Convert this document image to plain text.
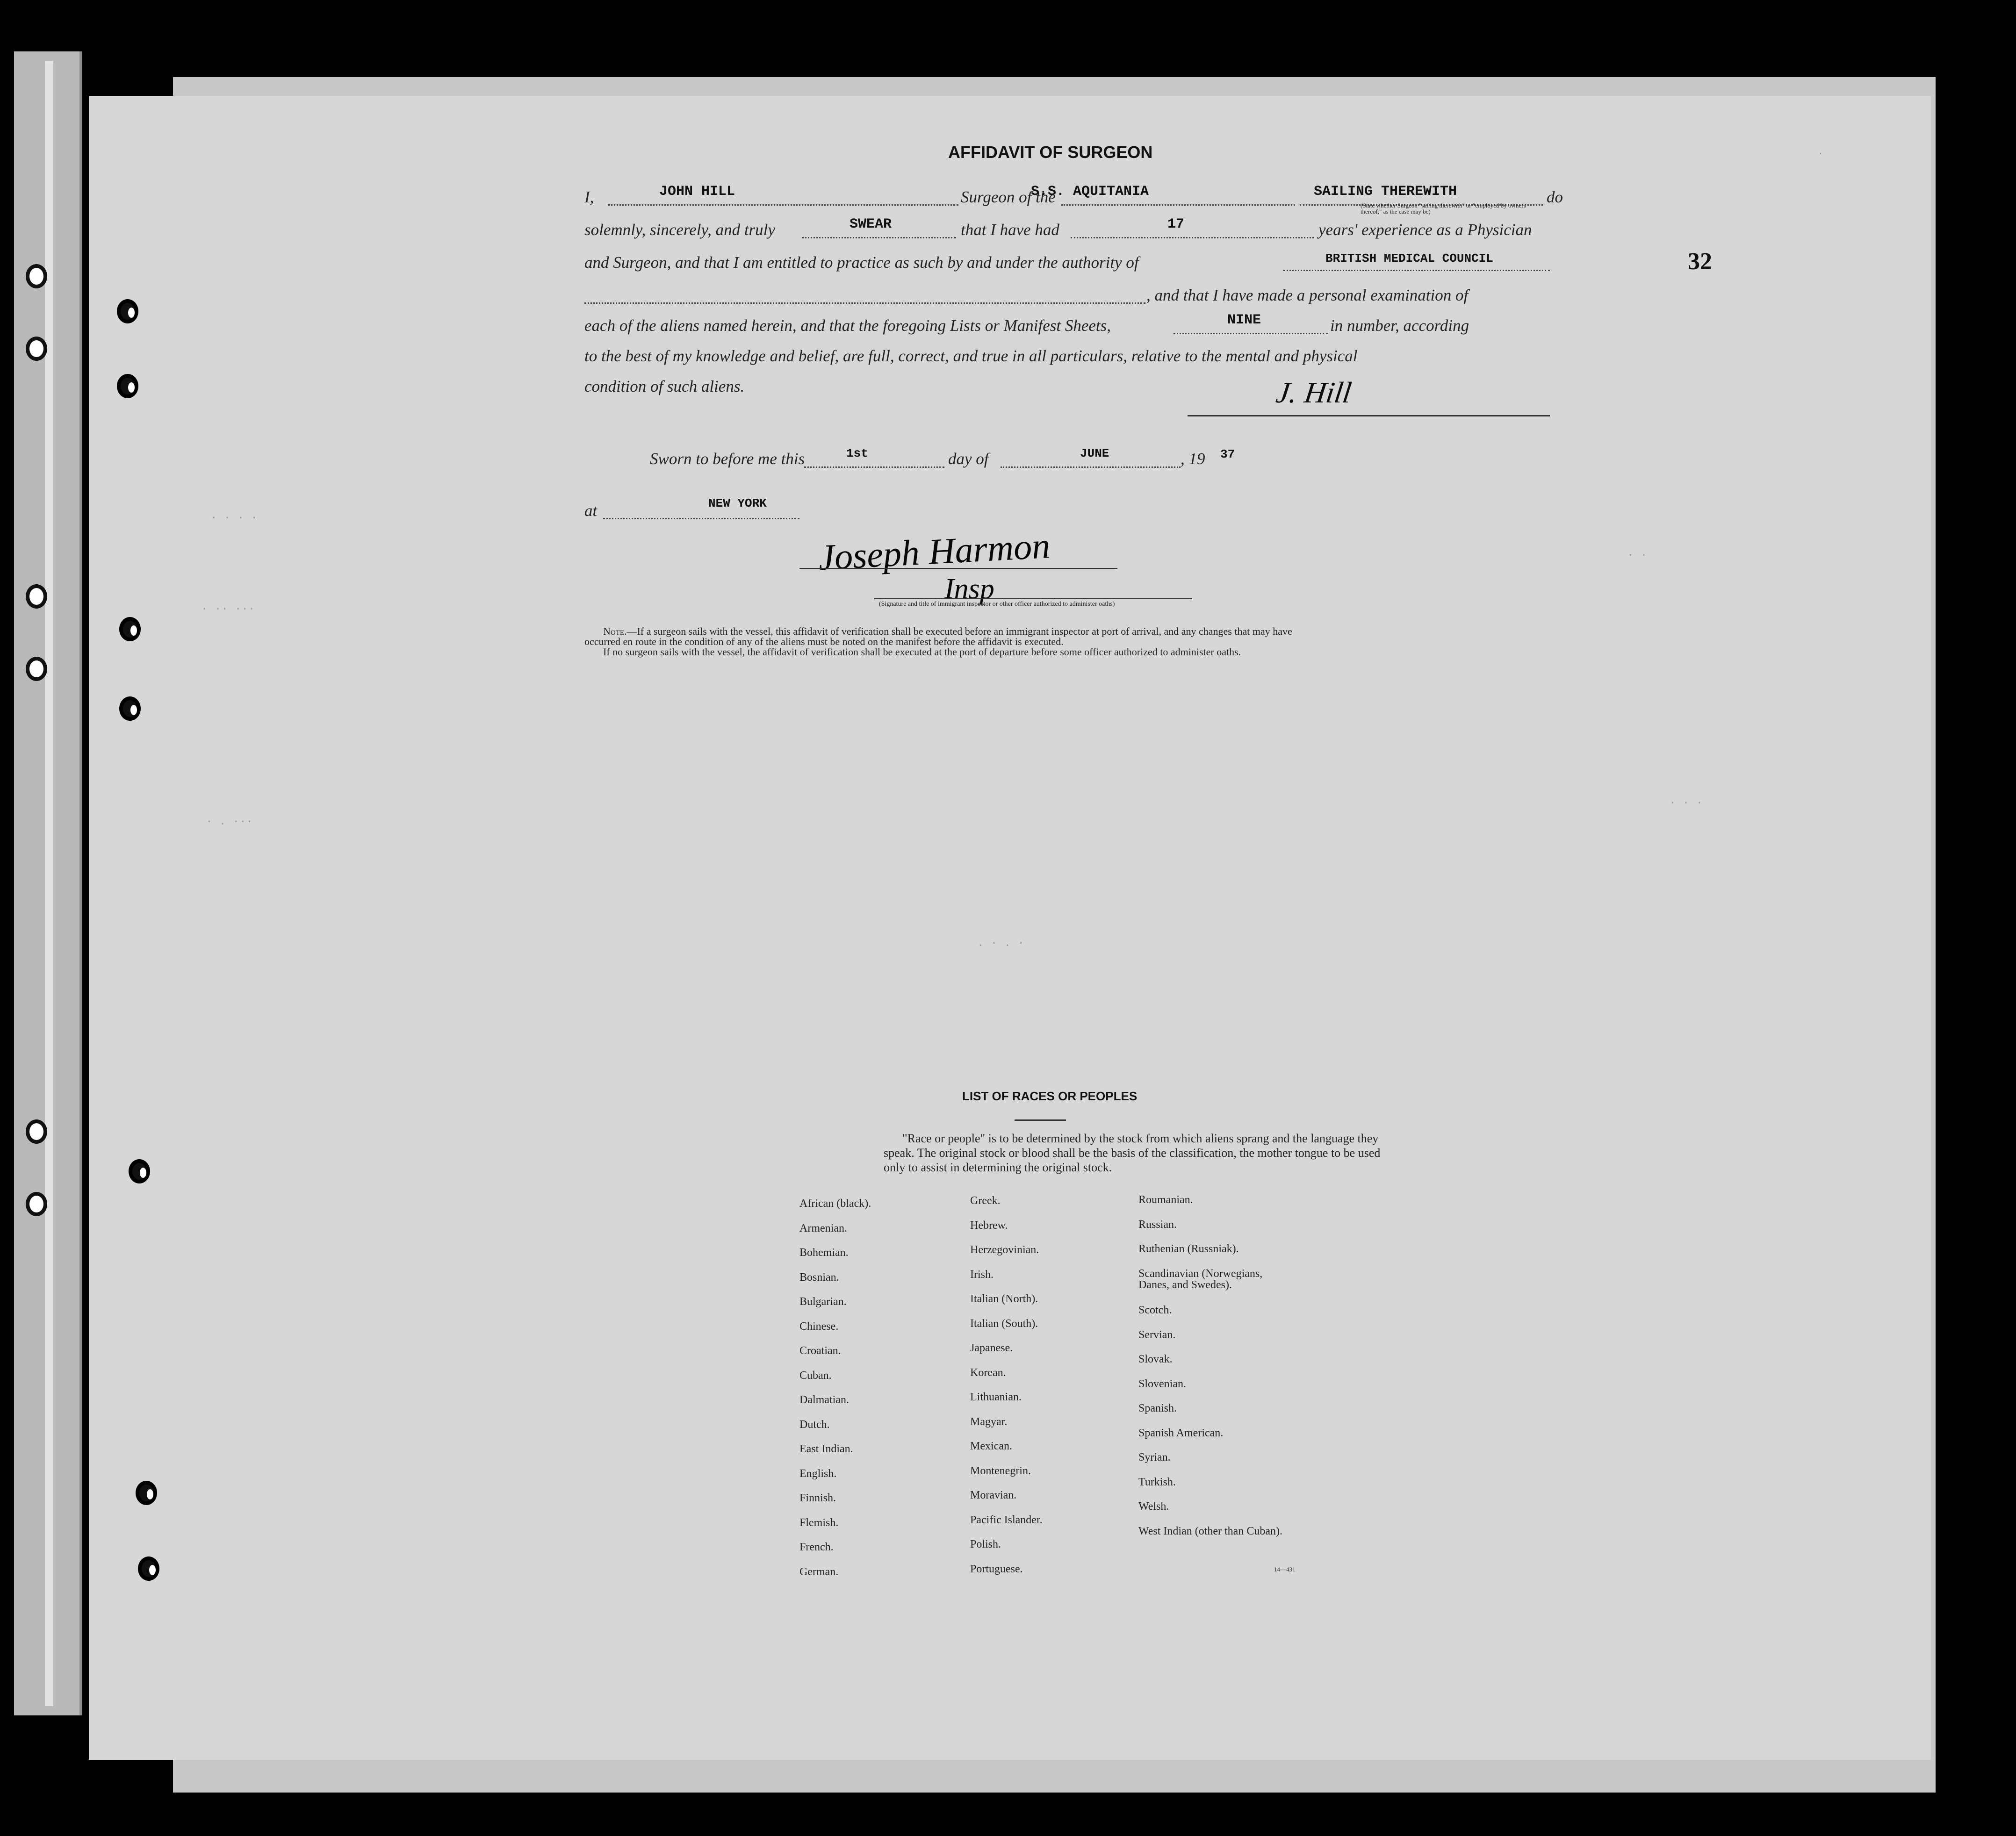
· · · ·
. .. ...
· . ···
· ·
· · ·
. · . ·
32
AFFIDAVIT OF SURGEON
I,	JOHN HILL	Surgeon of the
S.S. AQUITANIA	SAILING THEREWITH
(State whether Surgeon "sailing therewith" or "employed by owners thereof," as the case may be)
do
solemnly, sincerely, and truly	SWEAR	that I have had	17	years' experience as a Physician
and Surgeon, and that I am entitled to practice as such by and under the authority of	BRITISH MEDICAL COUNCIL
, and that I have made a personal examination of
each of the aliens named herein, and that the foregoing Lists or Manifest Sheets,	NINE	in number, according
to the best of my knowledge and belief, are full, correct, and true in all particulars, relative to the mental and physical
condition of such aliens.	J. Hill
Sworn to before me this	1st	day of	JUNE	, 19 37
at	NEW YORK
Joseph Harmon
Insp
(Signature and title of immigrant inspector or other officer authorized to administer oaths)

Note.—If a surgeon sails with the vessel, this affidavit of verification shall be executed before an immigrant inspector at port of arrival, and any changes that may have

occurred en route in the condition of any of the aliens must be noted on the manifest before the affidavit is executed.

If no surgeon sails with the vessel, the affidavit of verification shall be executed at the port of departure before some officer authorized to administer oaths.

LIST OF RACES OR PEOPLES
"Race or people" is to be determined by the stock from which aliens sprang and the language they speak. The original stock or blood shall be the basis of the classification, the mother tongue to be used only to assist in determining the original stock.
African (black).
Armenian.
Bohemian.
Bosnian.
Bulgarian.
Chinese.
Croatian.
Cuban.
Dalmatian.
Dutch.
East Indian.
English.
Finnish.
Flemish.
French.
German.
Greek.
Hebrew.
Herzegovinian.
Irish.
Italian (North).
Italian (South).
Japanese.
Korean.
Lithuanian.
Magyar.
Mexican.
Montenegrin.
Moravian.
Pacific Islander.
Polish.
Portuguese.
Roumanian.
Russian.
Ruthenian (Russniak).
Scandinavian (Norwegians, Danes, and Swedes).
Scotch.
Servian.
Slovak.
Slovenian.
Spanish.
Spanish American.
Syrian.
Turkish.
Welsh.
West Indian (other than Cuban).
14—431
·
